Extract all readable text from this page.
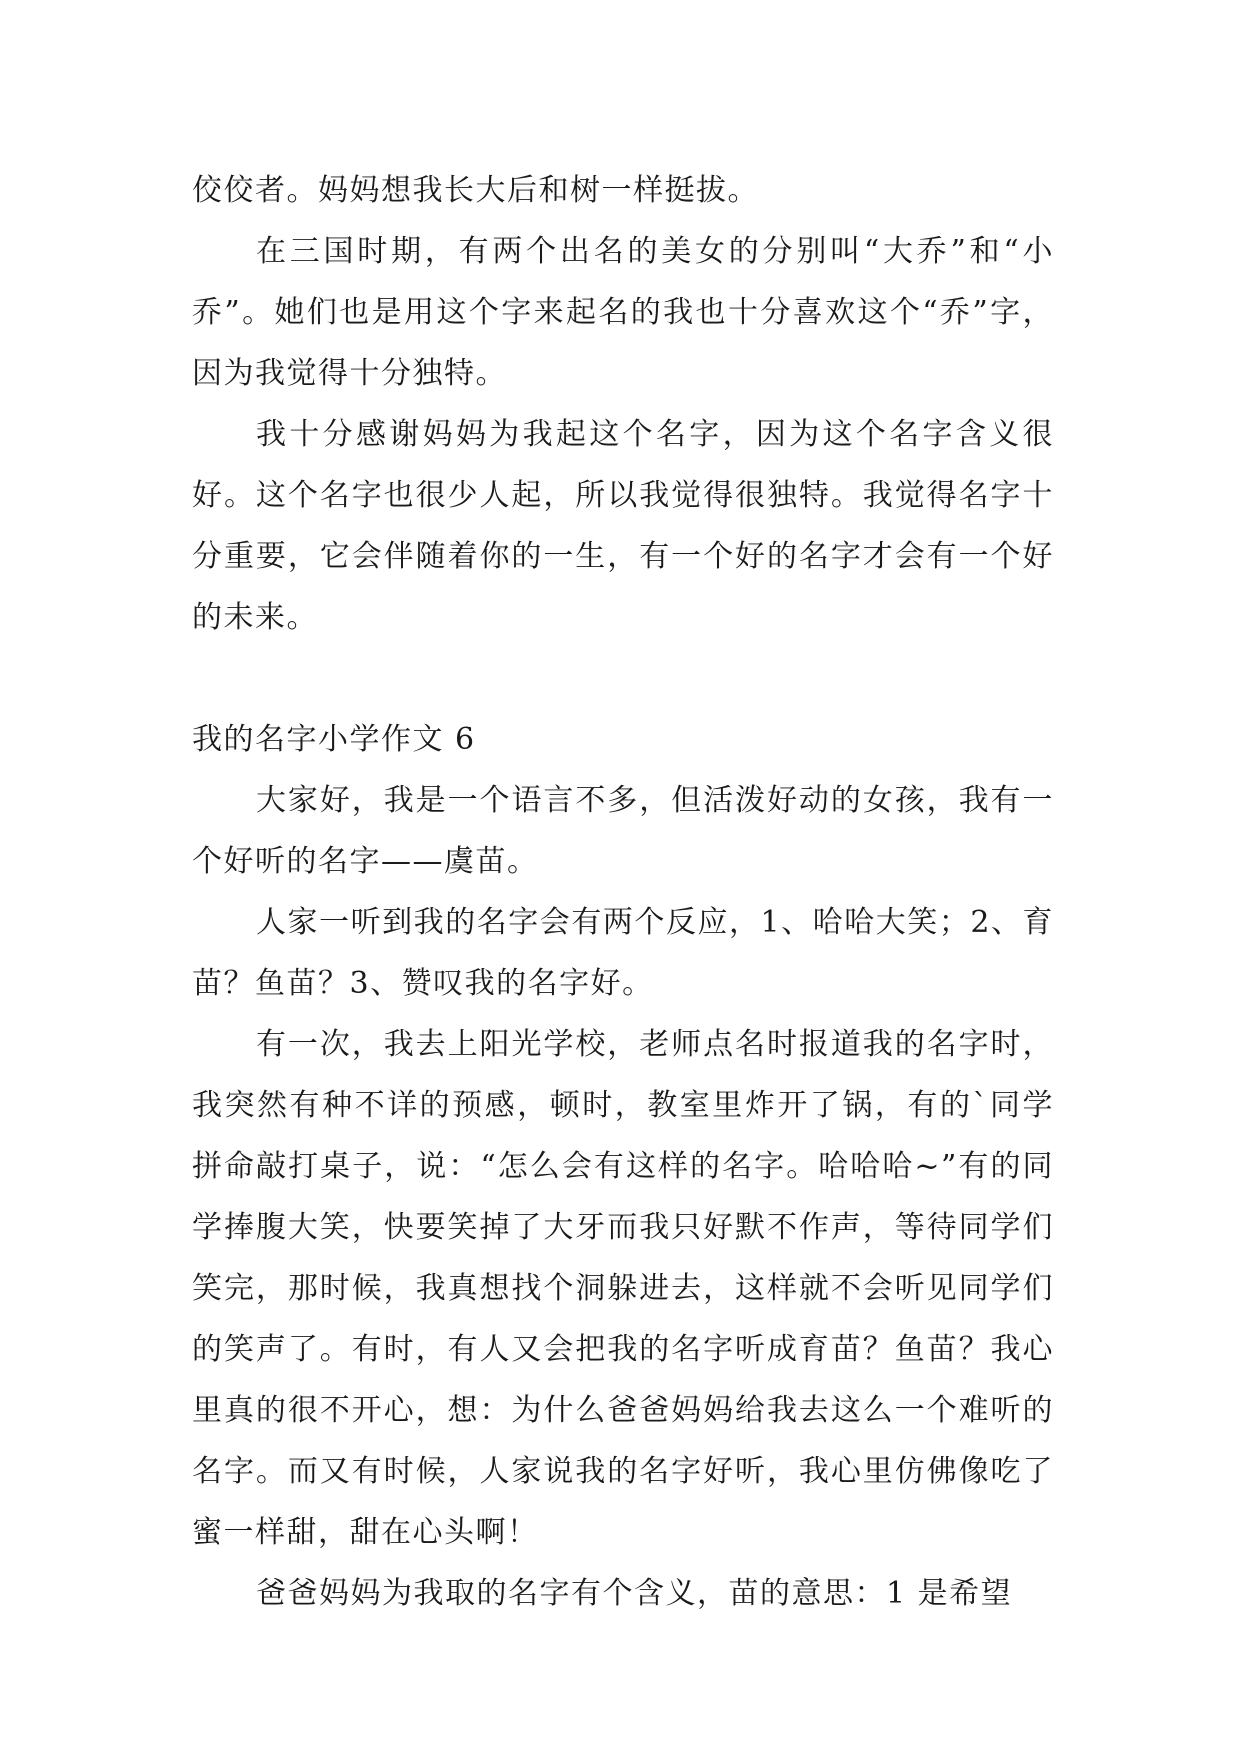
佼佼者。妈妈想我长大后和树一样挺拔。

在三国时期，有两个出名的美女的分别叫“大乔”和“小乔”。她们也是用这个字来起名的我也十分喜欢这个“乔”字，因为我觉得十分独特。

我十分感谢妈妈为我起这个名字，因为这个名字含义很好。这个名字也很少人起，所以我觉得很独特。我觉得名字十分重要，它会伴随着你的一生，有一个好的名字才会有一个好的未来。

我的名字小学作文 6

大家好，我是一个语言不多，但活泼好动的女孩，我有一个好听的名字——虞苗。

人家一听到我的名字会有两个反应，1、哈哈大笑；2、育苗？鱼苗？3、赞叹我的名字好。

有一次，我去上阳光学校，老师点名时报道我的名字时，我突然有种不详的预感，顿时，教室里炸开了锅，有的`同学拼命敲打桌子，说：“怎么会有这样的名字。哈哈哈~”有的同学捧腹大笑，快要笑掉了大牙而我只好默不作声，等待同学们笑完，那时候，我真想找个洞躲进去，这样就不会听见同学们的笑声了。有时，有人又会把我的名字听成育苗？鱼苗？我心里真的很不开心，想：为什么爸爸妈妈给我去这么一个难听的名字。而又有时候，人家说我的名字好听，我心里仿佛像吃了蜜一样甜，甜在心头啊！

爸爸妈妈为我取的名字有个含义，苗的意思：1 是希望
